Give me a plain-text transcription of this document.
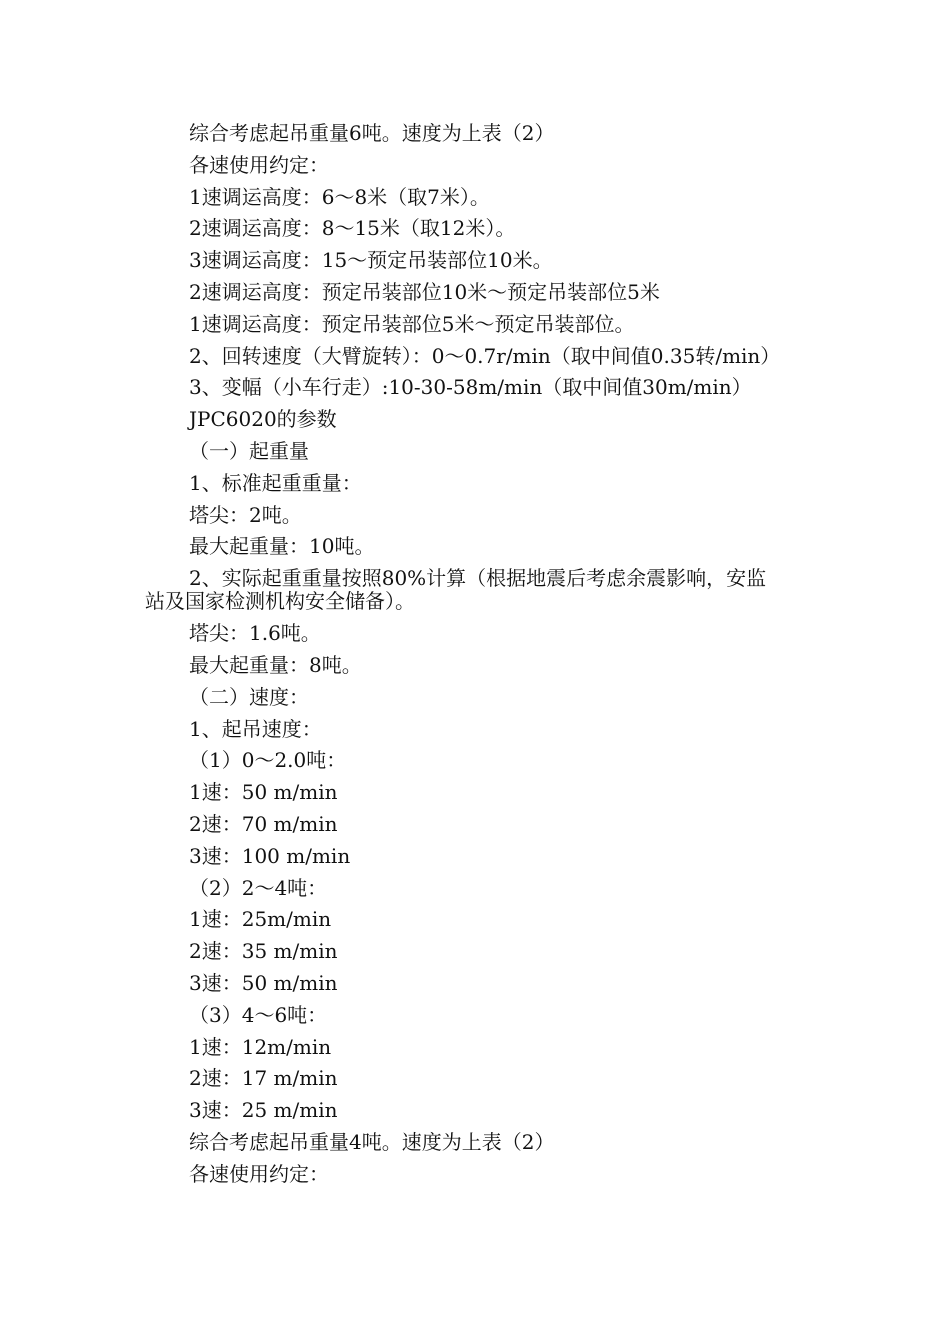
综合考虑起吊重量6吨。速度为上表（2）
各速使用约定：
1速调运高度：6～8米（取7米）。
2速调运高度：8～15米（取12米）。
3速调运高度：15～预定吊装部位10米。
2速调运高度：预定吊装部位10米～预定吊装部位5米
1速调运高度：预定吊装部位5米～预定吊装部位。
2、回转速度（大臂旋转）：0～0.7r/min（取中间值0.35转/min）
3、变幅（小车行走）:10-30-58m/min（取中间值30m/min）
JPC6020的参数
（一）起重量
1、标准起重重量：
塔尖：2吨。
最大起重量：10吨。
2、实际起重重量按照80%计算（根据地震后考虑余震影响，安监
站及国家检测机构安全储备）。
塔尖：1.6吨。
最大起重量：8吨。
（二）速度：
1、起吊速度：
（1）0～2.0吨：
1速：50 m/min
2速：70 m/min
3速：100 m/min
（2）2～4吨：
1速：25m/min
2速：35 m/min
3速：50 m/min
（3）4～6吨：
1速：12m/min
2速：17 m/min
3速：25 m/min
综合考虑起吊重量4吨。速度为上表（2）
各速使用约定：
